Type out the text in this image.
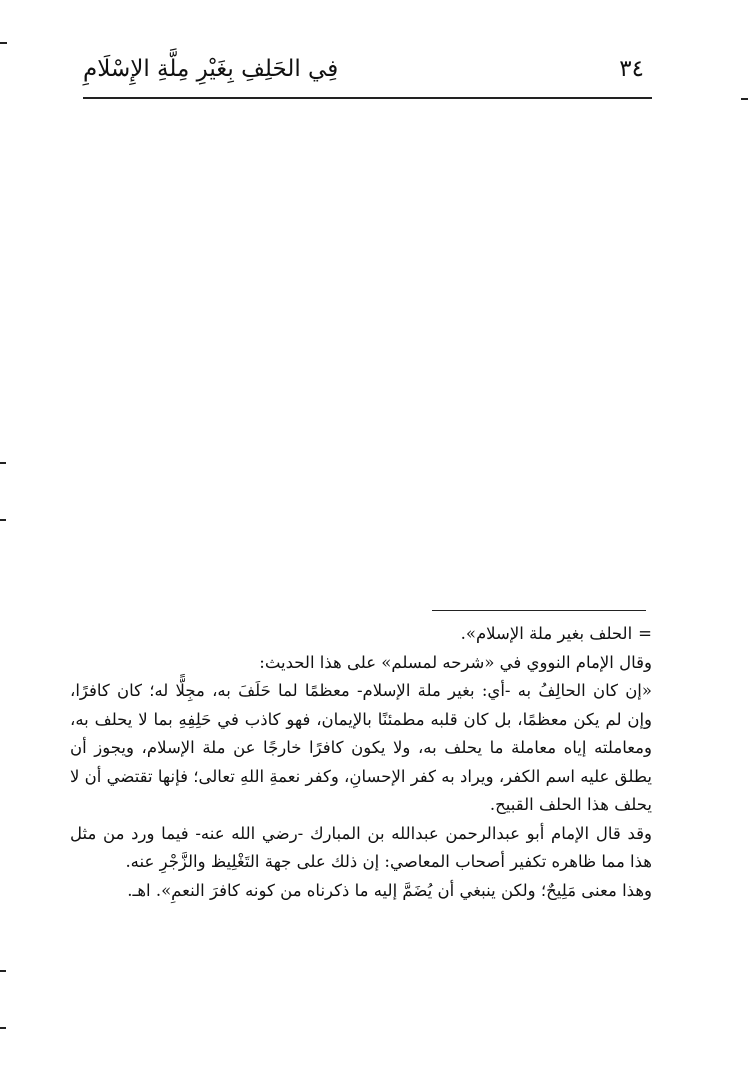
فِي الحَلِفِ بِغَيْرِ مِلَّةِ الإِسْلَامِ	٣٤

=الحلف بغير ملة الإسلام».

وقال الإمام النووي في «شرحه لمسلم» على هذا الحديث:

«إن كان الحالِفُ به -أي: بغير ملة الإسلام- معظمًا لما حَلَفَ به، مجِلًّا له؛ كان كافرًا، وإن لم يكن معظمًا، بل كان قلبه مطمئنًا بالإيمان، فهو كاذب في حَلِفِهِ بما لا يحلف به، ومعاملته إياه معاملة ما يحلف به، ولا يكون كافرًا خارجًا عن ملة الإسلام، ويجوز أن يطلق عليه اسم الكفر، ويراد به كفر الإحسانِ، وكفر نعمةِ اللهِ تعالى؛ فإنها تقتضي أن لا يحلف هذا الحلف القبيح.

وقد قال الإمام أبو عبدالرحمن عبدالله بن المبارك -رضي الله عنه- فيما ورد من مثل هذا مما ظاهره تكفير أصحاب المعاصي: إن ذلك على جهة التَغْلِيظ والزَّجْرِ عنه.

وهذا معنى مَلِيحٌ؛ ولكن ينبغي أن يُضَمَّ إليه ما ذكرناه من كونه كافرَ النعمِ». اهـ.
